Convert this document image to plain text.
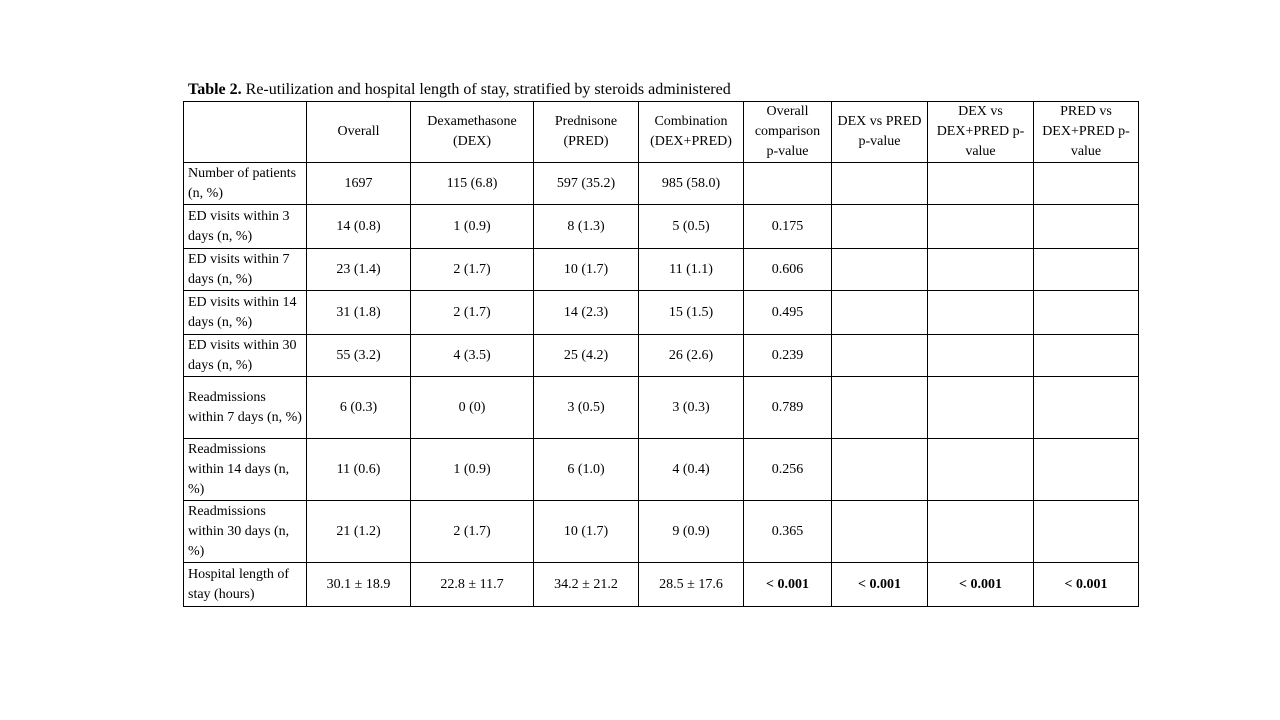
Table 2. Re-utilization and hospital length of stay, stratified by steroids administered
	Overall	Dexamethasone (DEX)	Prednisone (PRED)	Combination (DEX+PRED)	Overall comparison p-value	DEX vs PRED p-value	DEX vs DEX+PRED p-value	PRED vs DEX+PRED p-value
Number of patients (n, %)	1697	115 (6.8)	597 (35.2)	985 (58.0)				
ED visits within 3 days (n, %)	14 (0.8)	1 (0.9)	8 (1.3)	5 (0.5)	0.175			
ED visits within 7 days (n, %)	23 (1.4)	2 (1.7)	10 (1.7)	11 (1.1)	0.606			
ED visits within 14 days (n, %)	31 (1.8)	2 (1.7)	14 (2.3)	15 (1.5)	0.495			
ED visits within 30 days (n, %)	55 (3.2)	4 (3.5)	25 (4.2)	26 (2.6)	0.239			
Readmissions within 7 days (n, %)	6 (0.3)	0 (0)	3 (0.5)	3 (0.3)	0.789			
Readmissions within 14 days (n, %)	11 (0.6)	1 (0.9)	6 (1.0)	4 (0.4)	0.256			
Readmissions within 30 days (n, %)	21 (1.2)	2 (1.7)	10 (1.7)	9 (0.9)	0.365			
Hospital length of stay (hours)	30.1 ± 18.9	22.8 ± 11.7	34.2 ± 21.2	28.5 ± 17.6	< 0.001	< 0.001	< 0.001	< 0.001
